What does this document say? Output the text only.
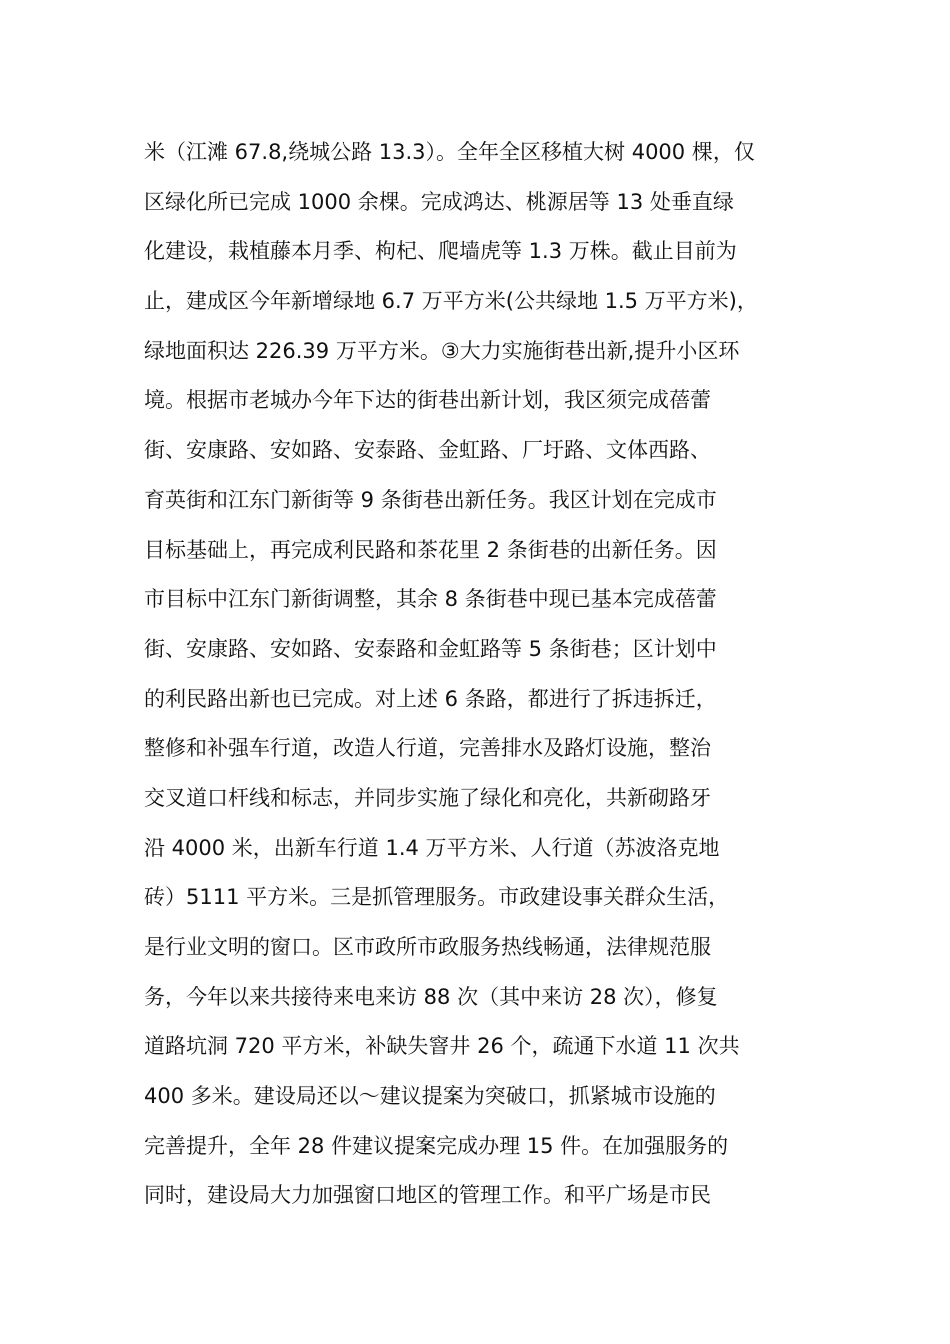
米（江滩 67.8,绕城公路 13.3）。全年全区移植大树 4000 棵，仅
区绿化所已完成 1000 余棵。完成鸿达、桃源居等 13 处垂直绿
化建设，栽植藤本月季、枸杞、爬墙虎等 1.3 万株。截止目前为
止，建成区今年新增绿地 6.7 万平方米(公共绿地 1.5 万平方米)，
绿地面积达 226.39 万平方米。③大力实施街巷出新,提升小区环
境。根据市老城办今年下达的街巷出新计划，我区须完成蓓蕾
街、安康路、安如路、安泰路、金虹路、厂圩路、文体西路、
育英街和江东门新街等 9 条街巷出新任务。我区计划在完成市
目标基础上，再完成利民路和茶花里 2 条街巷的出新任务。因
市目标中江东门新街调整，其余 8 条街巷中现已基本完成蓓蕾
街、安康路、安如路、安泰路和金虹路等 5 条街巷；区计划中
的利民路出新也已完成。对上述 6 条路，都进行了拆违拆迁，
整修和补强车行道，改造人行道，完善排水及路灯设施，整治
交叉道口杆线和标志，并同步实施了绿化和亮化，共新砌路牙
沿 4000 米，出新车行道 1.4 万平方米、人行道（苏波洛克地
砖）5111 平方米。三是抓管理服务。市政建设事关群众生活，
是行业文明的窗口。区市政所市政服务热线畅通，法律规范服
务，今年以来共接待来电来访 88 次（其中来访 28 次），修复
道路坑洞 720 平方米，补缺失窨井 26 个，疏通下水道 11 次共
400 多米。建设局还以～建议提案为突破口，抓紧城市设施的
完善提升，全年 28 件建议提案完成办理 15 件。在加强服务的
同时，建设局大力加强窗口地区的管理工作。和平广场是市民
